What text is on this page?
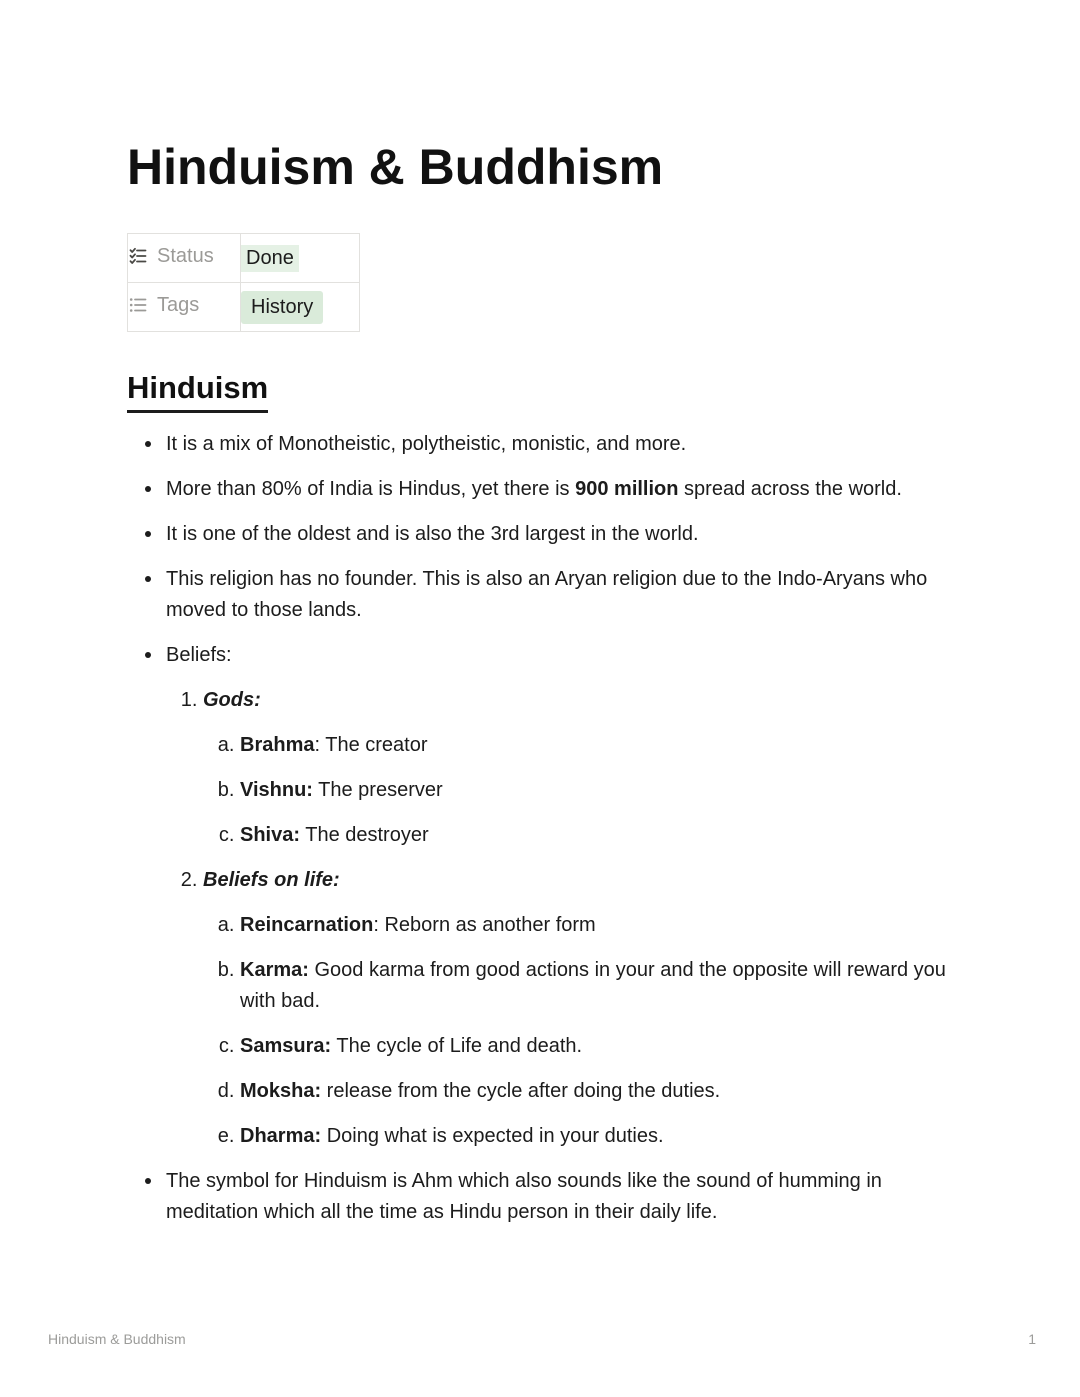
Hinduism & Buddhism
Status	Done

Tags	History
Hinduism
It is a mix of Monotheistic, polytheistic, monistic, and more.
More than 80% of India is Hindus, yet there is 900 million spread across the world.
It is one of the oldest and is also the 3rd largest in the world.
This religion has no founder. This is also an Aryan religion due to the Indo-Aryans who moved to those lands.
Beliefs:
1. Gods:
a. Brahma: The creator
b. Vishnu: The preserver
c. Shiva: The destroyer
2. Beliefs on life:
a. Reincarnation: Reborn as another form
b. Karma: Good karma from good actions in your and the opposite will reward you with bad.
c. Samsura: The cycle of Life and death.
d. Moksha: release from the cycle after doing the duties.
e. Dharma: Doing what is expected in your duties.
The symbol for Hinduism is Ahm which also sounds like the sound of humming in meditation which all the time as Hindu person in their daily life.
Hinduism & Buddhism	1
